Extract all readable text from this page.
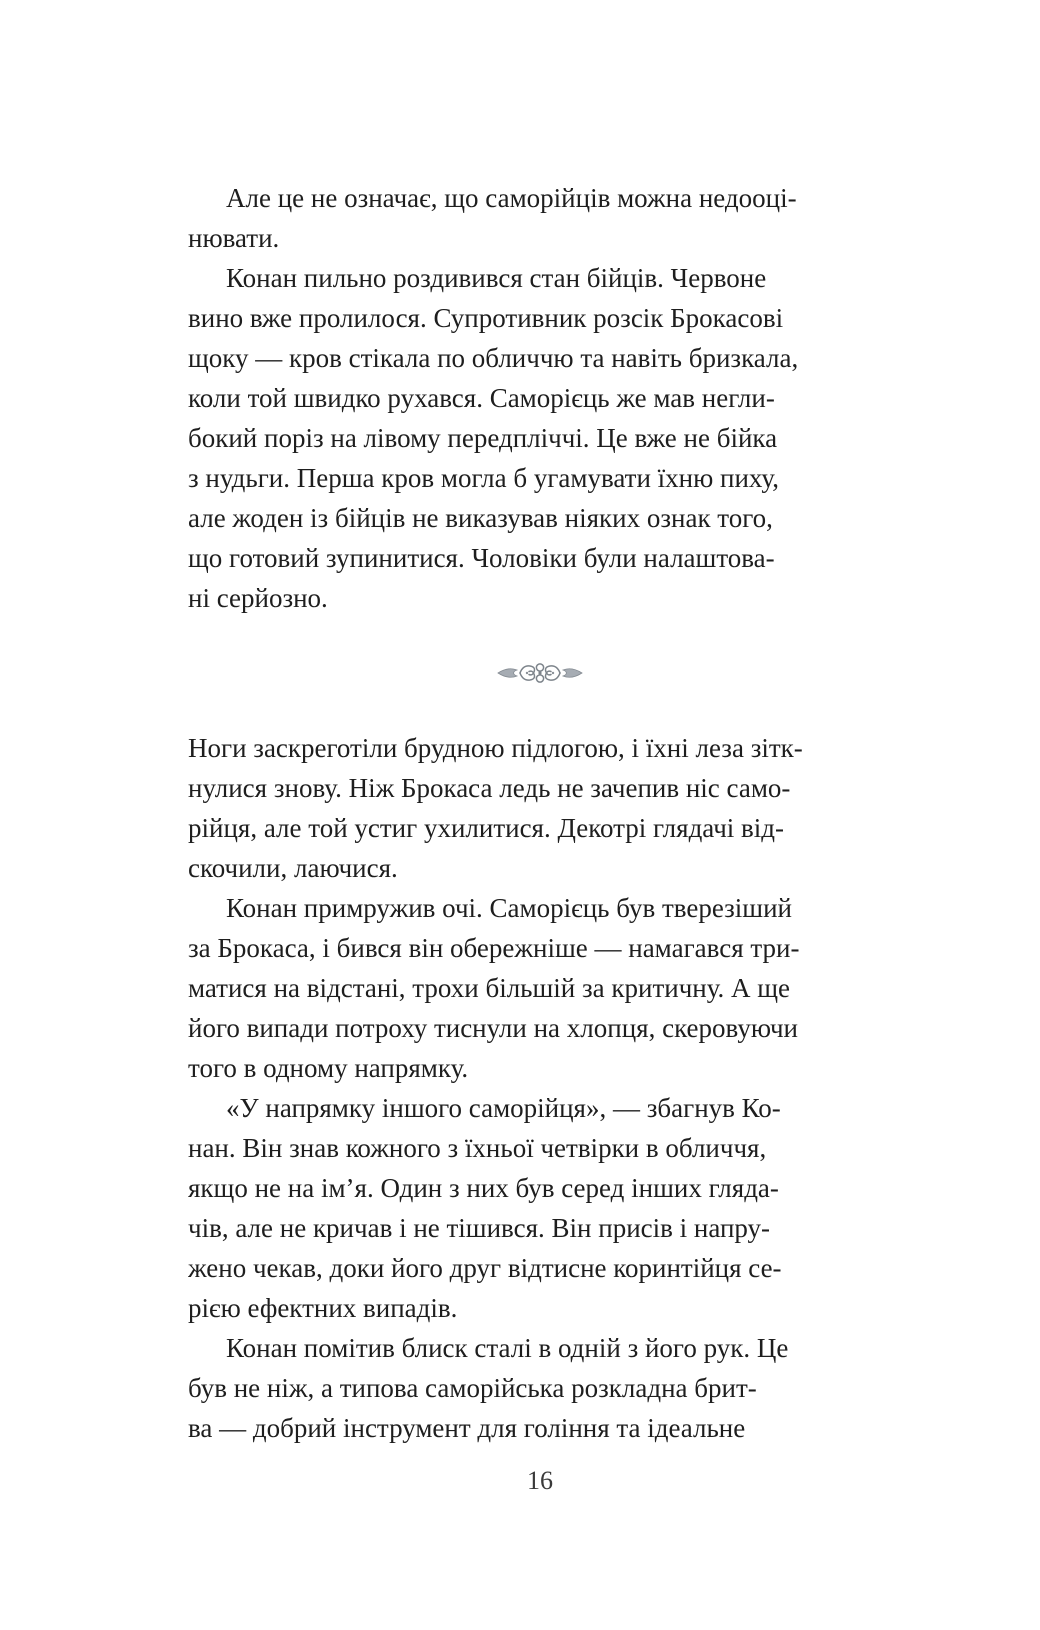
Але це не означає, що саморійців можна недооці-
нювати.

Конан пильно роздивився стан бійців. Червоне
вино вже пролилося. Супротивник розсік Брокасові
щоку — кров стікала по обличчю та навіть бризкала,
коли той швидко рухався. Саморієць же мав негли-
бокий поріз на лівому передпліччі. Це вже не бійка
з нудьги. Перша кров могла б угамувати їхню пиху,
але жоден із бійців не виказував ніяких ознак того,
що готовий зупинитися. Чоловіки були налаштова-
ні серйозно.

Ноги заскреготіли брудною підлогою, і їхні леза зітк-
нулися знову. Ніж Брокаса ледь не зачепив ніс само-
рійця, але той устиг ухилитися. Декотрі глядачі від-
скочили, лаючися.

Конан примружив очі. Саморієць був тверезіший
за Брокаса, і бився він обережніше — намагався три-
матися на відстані, трохи більшій за критичну. А ще
його випади потроху тиснули на хлопця, скеровуючи
того в одному напрямку.

«У напрямку іншого саморійця», — збагнув Ко-
нан. Він знав кожного з їхньої четвірки в обличчя,
якщо не на ім’я. Один з них був серед інших гляда-
чів, але не кричав і не тішився. Він присів і напру-
жено чекав, доки його друг відтисне коринтійця се-
рією ефектних випадів.

Конан помітив блиск сталі в одній з його рук. Це
був не ніж, а типова саморійська розкладна брит-
ва — добрий інструмент для гоління та ідеальне

16
